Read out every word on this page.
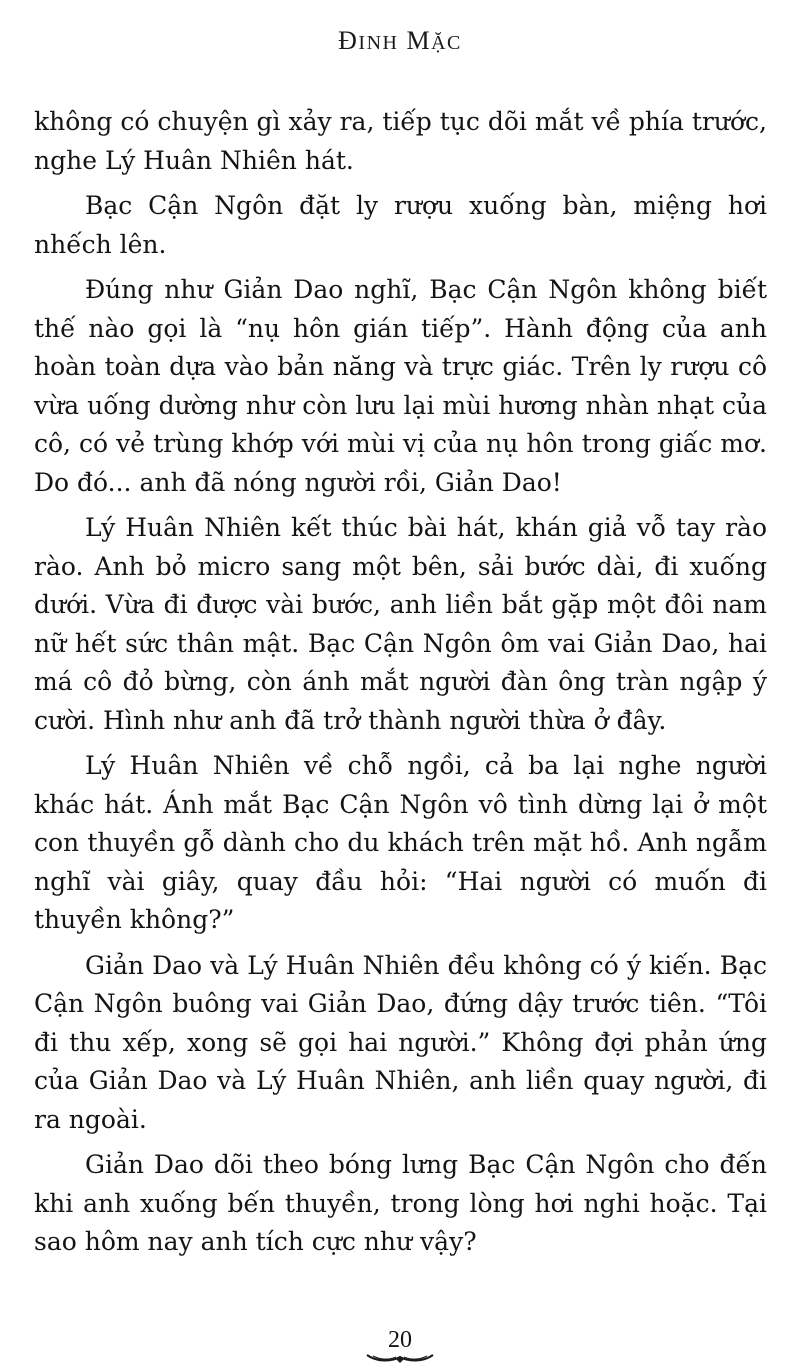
ĐINH MẶC

không có chuyện gì xảy ra, tiếp tục dõi mắt về phía trước, nghe Lý Huân Nhiên hát.

Bạc Cận Ngôn đặt ly rượu xuống bàn, miệng hơi nhếch lên.

Đúng như Giản Dao nghĩ, Bạc Cận Ngôn không biết thế nào gọi là “nụ hôn gián tiếp”. Hành động của anh hoàn toàn dựa vào bản năng và trực giác. Trên ly rượu cô vừa uống dường như còn lưu lại mùi hương nhàn nhạt của cô, có vẻ trùng khớp với mùi vị của nụ hôn trong giấc mơ. Do đó... anh đã nóng người rồi, Giản Dao!

Lý Huân Nhiên kết thúc bài hát, khán giả vỗ tay rào rào. Anh bỏ micro sang một bên, sải bước dài, đi xuống dưới. Vừa đi được vài bước, anh liền bắt gặp một đôi nam nữ hết sức thân mật. Bạc Cận Ngôn ôm vai Giản Dao, hai má cô đỏ bừng, còn ánh mắt người đàn ông tràn ngập ý cười. Hình như anh đã trở thành người thừa ở đây.

Lý Huân Nhiên về chỗ ngồi, cả ba lại nghe người khác hát. Ánh mắt Bạc Cận Ngôn vô tình dừng lại ở một con thuyền gỗ dành cho du khách trên mặt hồ. Anh ngẫm nghĩ vài giây, quay đầu hỏi: “Hai người có muốn đi thuyền không?”

Giản Dao và Lý Huân Nhiên đều không có ý kiến. Bạc Cận Ngôn buông vai Giản Dao, đứng dậy trước tiên. “Tôi đi thu xếp, xong sẽ gọi hai người.” Không đợi phản ứng của Giản Dao và Lý Huân Nhiên, anh liền quay người, đi ra ngoài.

Giản Dao dõi theo bóng lưng Bạc Cận Ngôn cho đến khi anh xuống bến thuyền, trong lòng hơi nghi hoặc. Tại sao hôm nay anh tích cực như vậy?

20
